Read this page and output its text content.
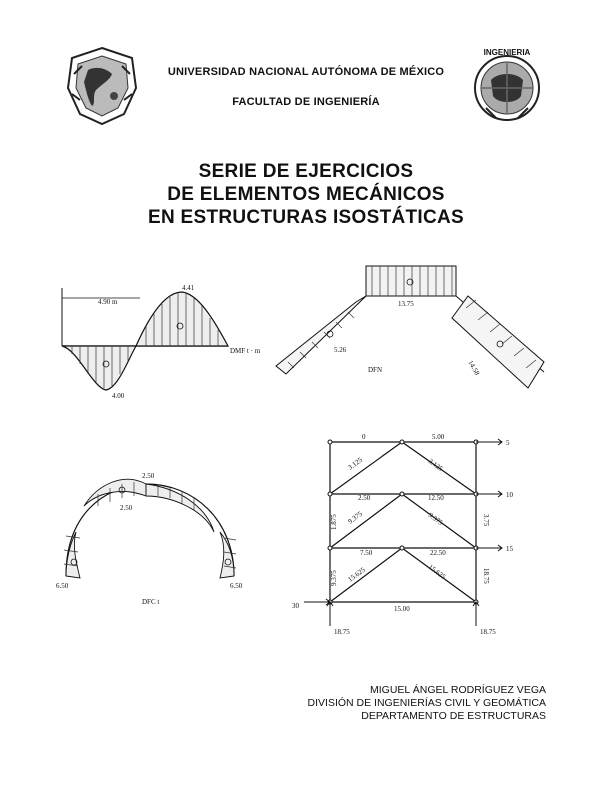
INGENIERIA
UNIVERSIDAD NACIONAL AUTÓNOMA DE MÉXICO
FACULTAD DE INGENIERÍA
SERIE DE EJERCICIOS
DE ELEMENTOS MECÁNICOS
EN ESTRUCTURAS ISOSTÁTICAS
4.90 m
4.41
4.00
DMF t · m
13.75
5.26
14.58
DFN
2.50
2.50
6.50	6.50
DFC t
0	5.00
3.125	3.125
5
2.50	12.50
9.375	9.375
10
1.875	3.75
7.50	22.50
15.625	15.625
15
9.375	18.75
15.00
30
18.75	18.75
MIGUEL ÁNGEL RODRÍGUEZ VEGA
DIVISIÓN DE INGENIERÍAS CIVIL Y GEOMÁTICA
DEPARTAMENTO DE ESTRUCTURAS
